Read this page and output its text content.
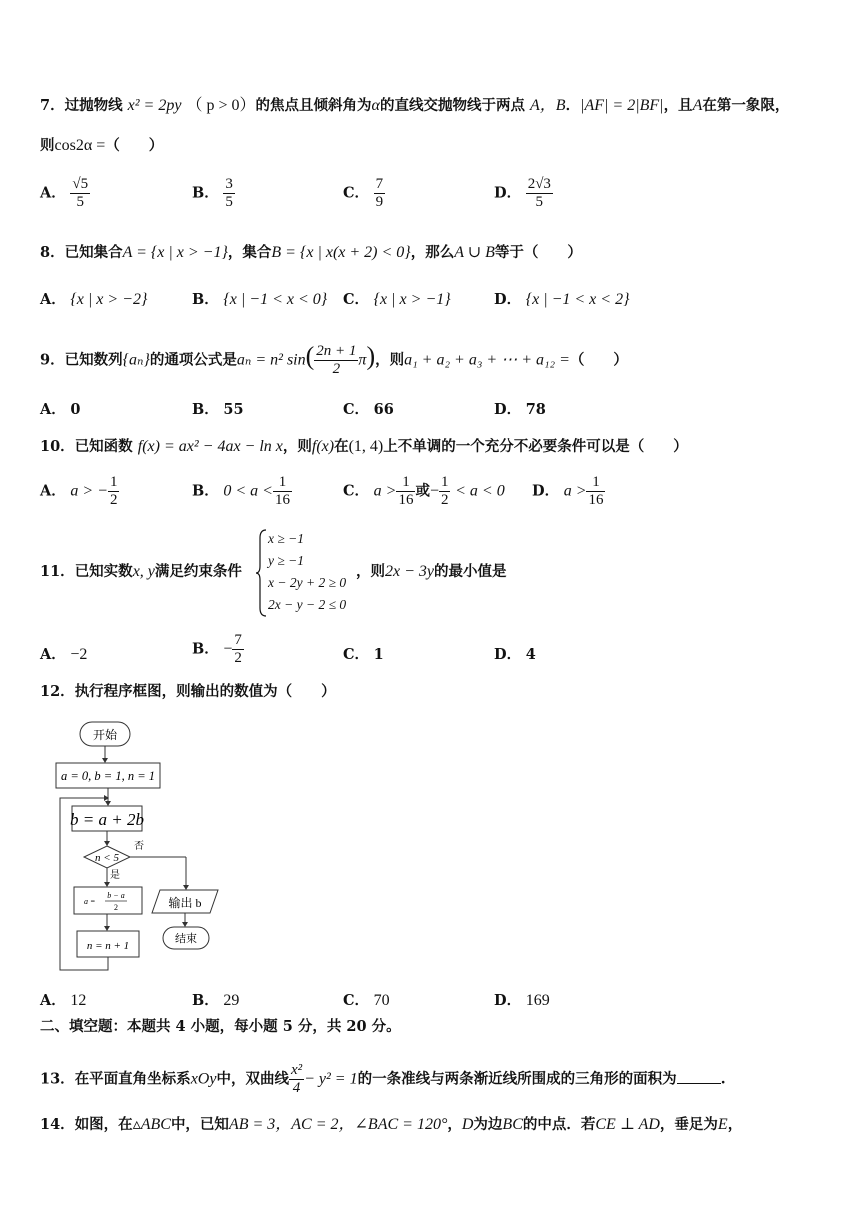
7．过抛物线 x² = 2py （ p > 0）的焦点且倾斜角为α的直线交抛物线于两点 A，B．|AF| = 2|BF|，且A在第一象限，
则cos2α =（　　）
A． $\frac{√5}{5}$	B． $\frac{3}{5}$	C． $\frac{7}{9}$	D． $\frac{2√3}{5}$
8．已知集合A = {x | x > −1}，集合B = {x | x(x + 2) < 0}，那么A ∪ B等于（　　）
A． {x | x > −2}	B． {x | −1 < x < 0} C． {x | x > −1}	D． {x | −1 < x < 2}
9．已知数列{aₙ}的通项公式是aₙ = n² $\sin( \frac{2n + 1}{2} \pi)$，则a₁ + a₂ + a₃ + ⋯ + a₁₂ =（　　）
A． 0	B． 55	C． 66	D． 78
10．已知函数 f(x) = ax² − 4ax − ln x，则f(x)在(1, 4)上不单调的一个充分不必要条件可以是（　　）
A． a > − $\frac{1}{2}$	B． $0 < a < \frac{1}{16}$	C． $a > \frac{1}{16}$ 或− $\frac{1}{2} < a < 0$ D． $a > \frac{1}{16}$
11．已知实数x, y满足约束条件
x ≥ −1
y ≥ −1
x − 2y + 2 ≥ 0
2x − y − 2 ≤ 0
，则2x − 3y的最小值是
A． −2	B． − $\frac{7}{2}$	C． 1	D． 4
12．执行程序框图，则输出的数值为（　　）
开始
a = 0, b = 1, n = 1
b = a + 2b
n < 5
否
是
a =
b − a
2
n = n + 1
输出 b
结束
A． 12	B． 29	C． 70	D． 169
二、填空题：本题共 4 小题，每小题 5 分，共 20 分。
13．在平面直角坐标系xOy中，双曲线 $\frac{\text{x²}}{4} - y^2 = 1$的一条准线与两条渐近线所围成的三角形的面积为	.
14．如图，在▵ABC中，已知AB = 3，AC = 2，∠BAC = 120°，D为边BC的中点．若CE ⊥ AD，垂足为E，
